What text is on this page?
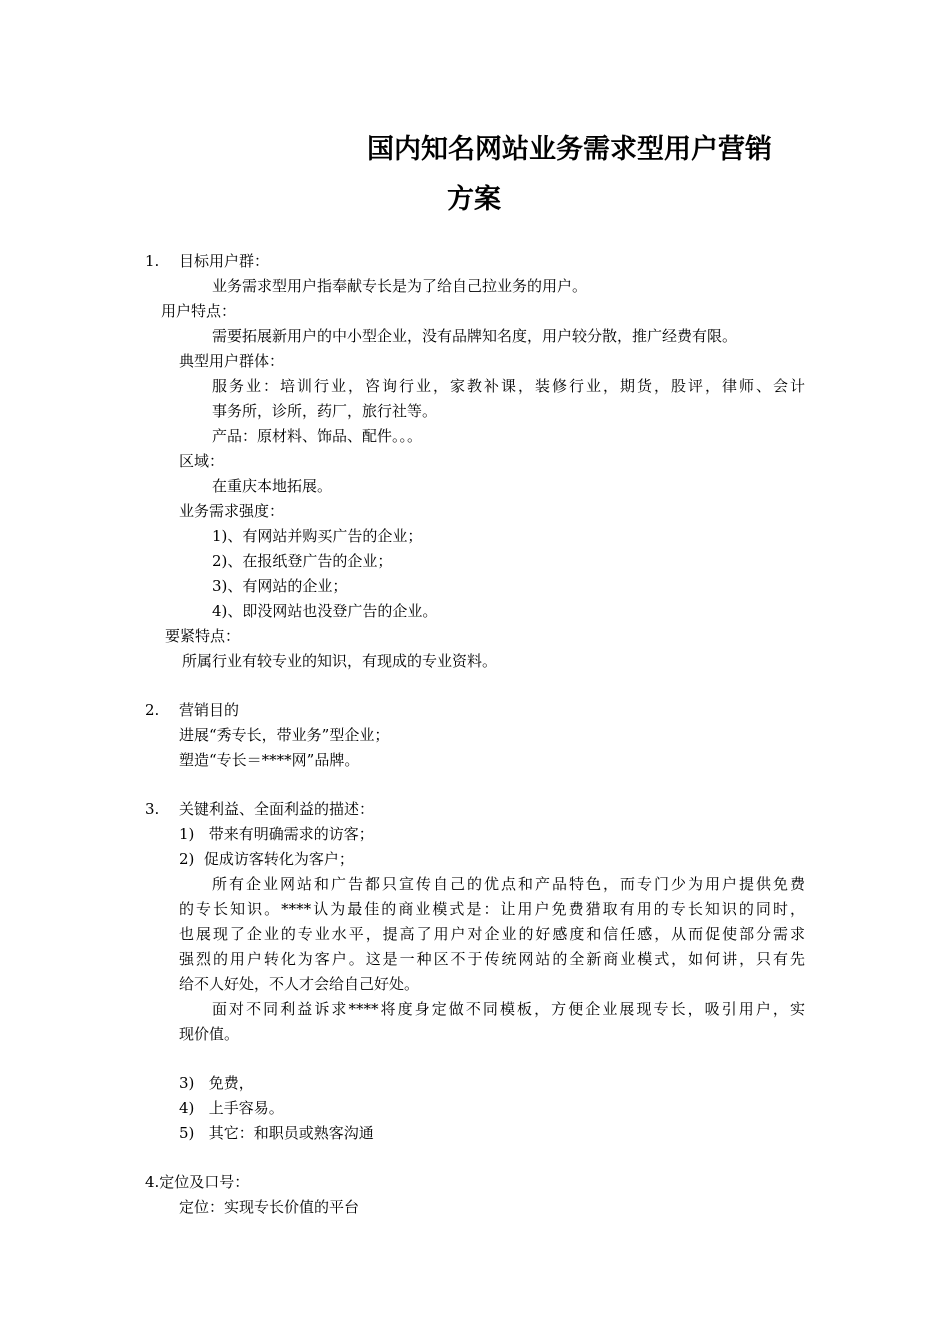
国内知名网站业务需求型用户营销
方案
1. 目标用户群：
业务需求型用户指奉献专长是为了给自己拉业务的用户。
用户特点：
需要拓展新用户的中小型企业，没有品牌知名度，用户较分散，推广经费有限。
典型用户群体：
服务业：培训行业，咨询行业，家教补课，装修行业，期货，股评，律师、会计
事务所，诊所，药厂，旅行社等。
产品：原材料、饰品、配件。。。
区域：
在重庆本地拓展。
业务需求强度：
1)、有网站并购买广告的企业；
2)、在报纸登广告的企业；
3)、有网站的企业；
4)、即没网站也没登广告的企业。
要紧特点：
所属行业有较专业的知识，有现成的专业资料。
2. 营销目的
进展“秀专长，带业务”型企业；
塑造“专长＝****网”品牌。
3. 关键利益、全面利益的描述：
1)   带来有明确需求的访客；
2)  促成访客转化为客户；
所有企业网站和广告都只宣传自己的优点和产品特色，而专门少为用户提供免费
的专长知识。****认为最佳的商业模式是：让用户免费猎取有用的专长知识的同时，
也展现了企业的专业水平，提高了用户对企业的好感度和信任感，从而促使部分需求
强烈的用户转化为客户。这是一种区不于传统网站的全新商业模式，如何讲，只有先
给不人好处，不人才会给自己好处。
面对不同利益诉求****将度身定做不同模板，方便企业展现专长，吸引用户，实
现价值。
3)   免费，
4)   上手容易。
5)   其它：和职员或熟客沟通
4.定位及口号：
定位：实现专长价值的平台
